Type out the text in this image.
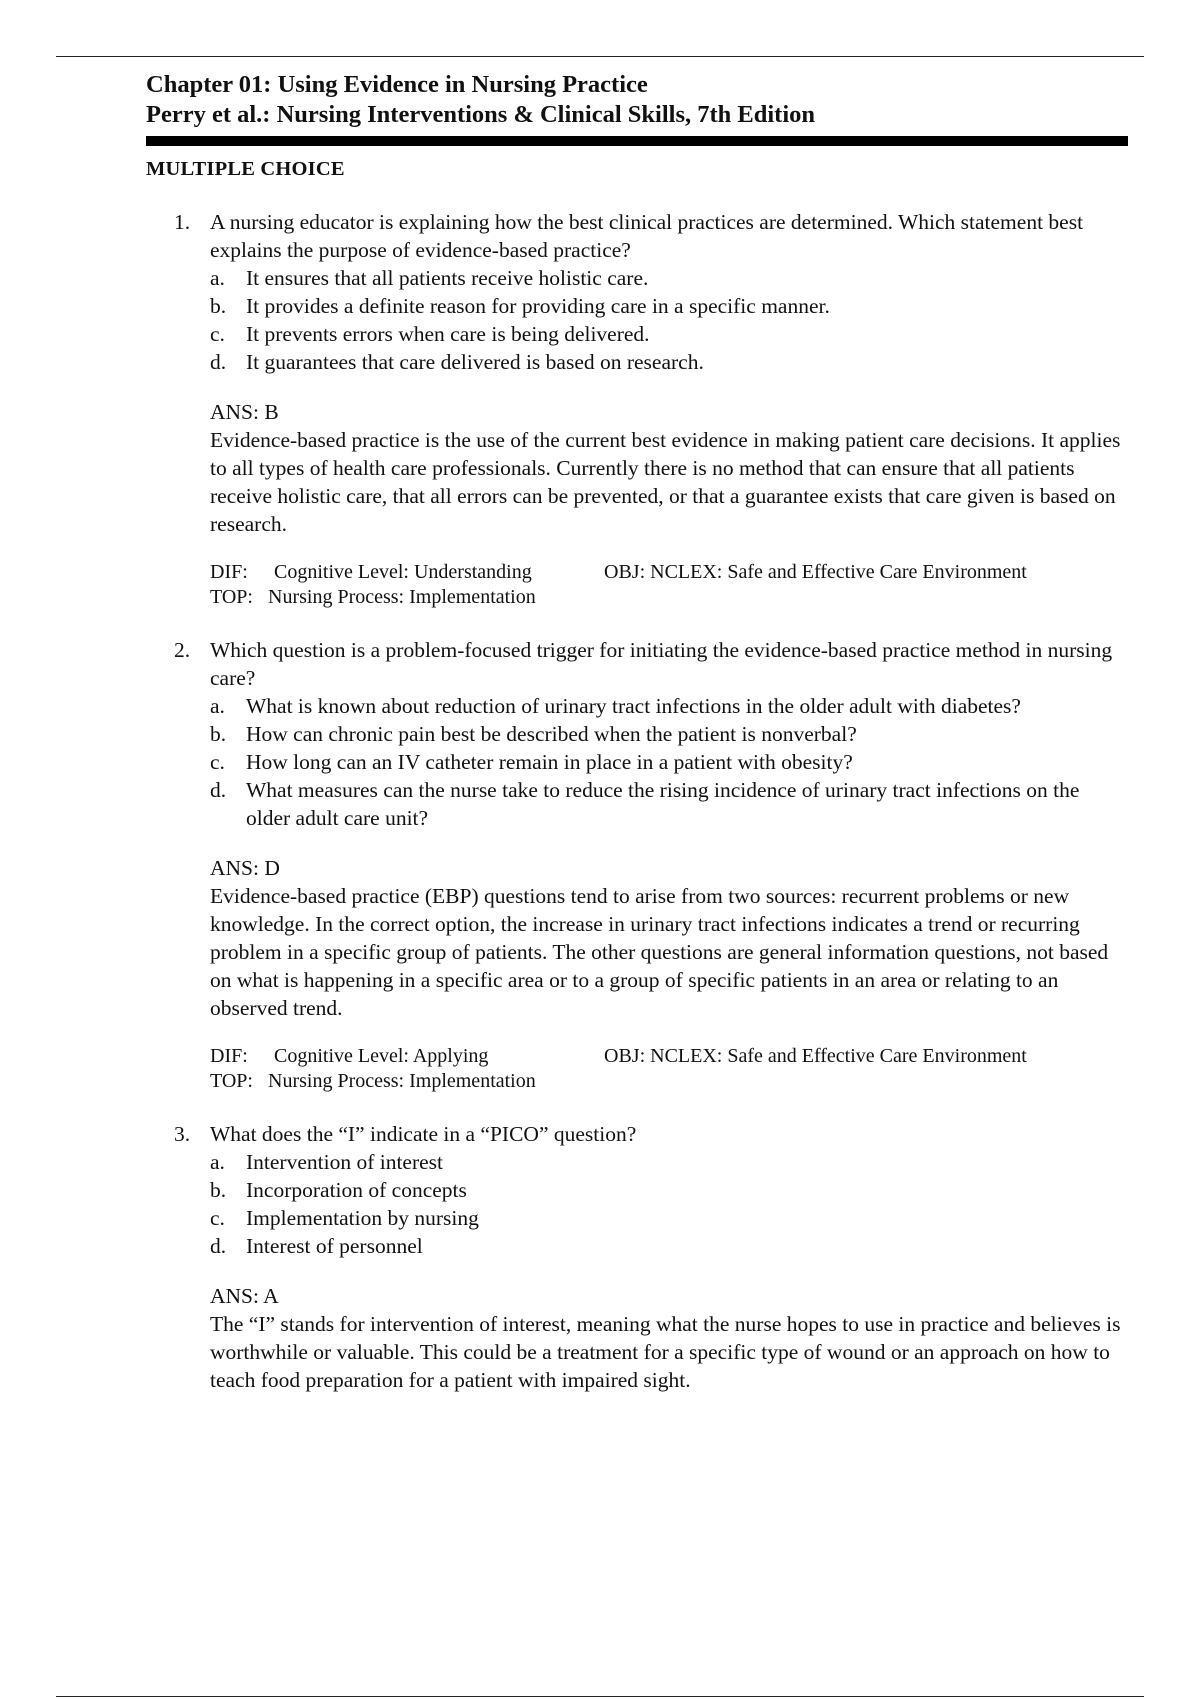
Chapter 01: Using Evidence in Nursing Practice
Perry et al.: Nursing Interventions & Clinical Skills, 7th Edition
MULTIPLE CHOICE
1. A nursing educator is explaining how the best clinical practices are determined. Which statement best explains the purpose of evidence-based practice?
a. It ensures that all patients receive holistic care.
b. It provides a definite reason for providing care in a specific manner.
c. It prevents errors when care is being delivered.
d. It guarantees that care delivered is based on research.
ANS: B
Evidence-based practice is the use of the current best evidence in making patient care decisions. It applies to all types of health care professionals. Currently there is no method that can ensure that all patients receive holistic care, that all errors can be prevented, or that a guarantee exists that care given is based on research.
DIF: Cognitive Level: Understanding	OBJ: NCLEX: Safe and Effective Care Environment
TOP: Nursing Process: Implementation
2. Which question is a problem-focused trigger for initiating the evidence-based practice method in nursing care?
a. What is known about reduction of urinary tract infections in the older adult with diabetes?
b. How can chronic pain best be described when the patient is nonverbal?
c. How long can an IV catheter remain in place in a patient with obesity?
d. What measures can the nurse take to reduce the rising incidence of urinary tract infections on the older adult care unit?
ANS: D
Evidence-based practice (EBP) questions tend to arise from two sources: recurrent problems or new knowledge. In the correct option, the increase in urinary tract infections indicates a trend or recurring problem in a specific group of patients. The other questions are general information questions, not based on what is happening in a specific area or to a group of specific patients in an area or relating to an observed trend.
DIF: Cognitive Level: Applying	OBJ: NCLEX: Safe and Effective Care Environment
TOP: Nursing Process: Implementation
3. What does the “I” indicate in a “PICO” question?
a. Intervention of interest
b. Incorporation of concepts
c. Implementation by nursing
d. Interest of personnel
ANS: A
The “I” stands for intervention of interest, meaning what the nurse hopes to use in practice and believes is worthwhile or valuable. This could be a treatment for a specific type of wound or an approach on how to teach food preparation for a patient with impaired sight.
